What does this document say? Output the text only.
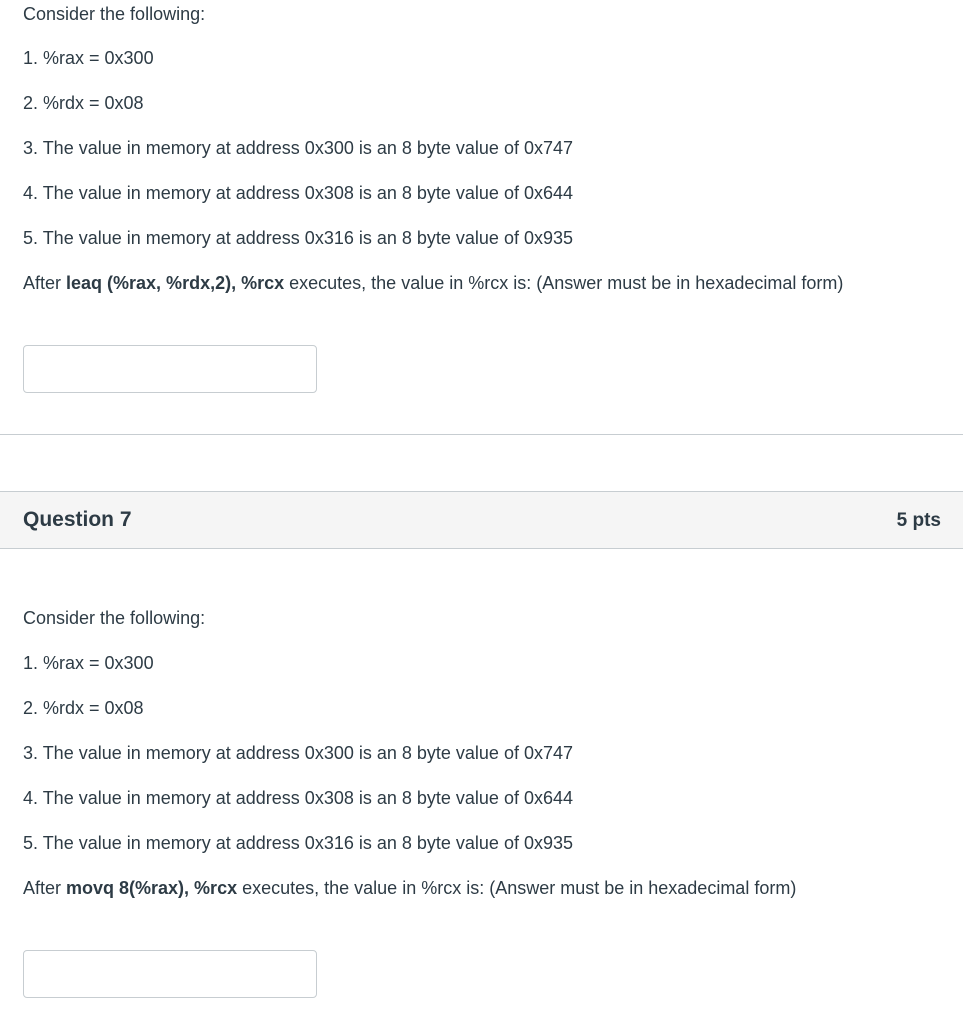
Consider the following:
1. %rax = 0x300
2. %rdx = 0x08
3. The value in memory at address 0x300 is an 8 byte value of 0x747
4. The value in memory at address 0x308 is an 8 byte value of 0x644
5. The value in memory at address 0x316 is an 8 byte value of 0x935
After leaq (%rax, %rdx,2), %rcx executes, the value in %rcx is: (Answer must be in hexadecimal form)
Question 7	5 pts
Consider the following:
1. %rax = 0x300
2. %rdx = 0x08
3. The value in memory at address 0x300 is an 8 byte value of 0x747
4. The value in memory at address 0x308 is an 8 byte value of 0x644
5. The value in memory at address 0x316 is an 8 byte value of 0x935
After movq 8(%rax), %rcx executes, the value in %rcx is: (Answer must be in hexadecimal form)
